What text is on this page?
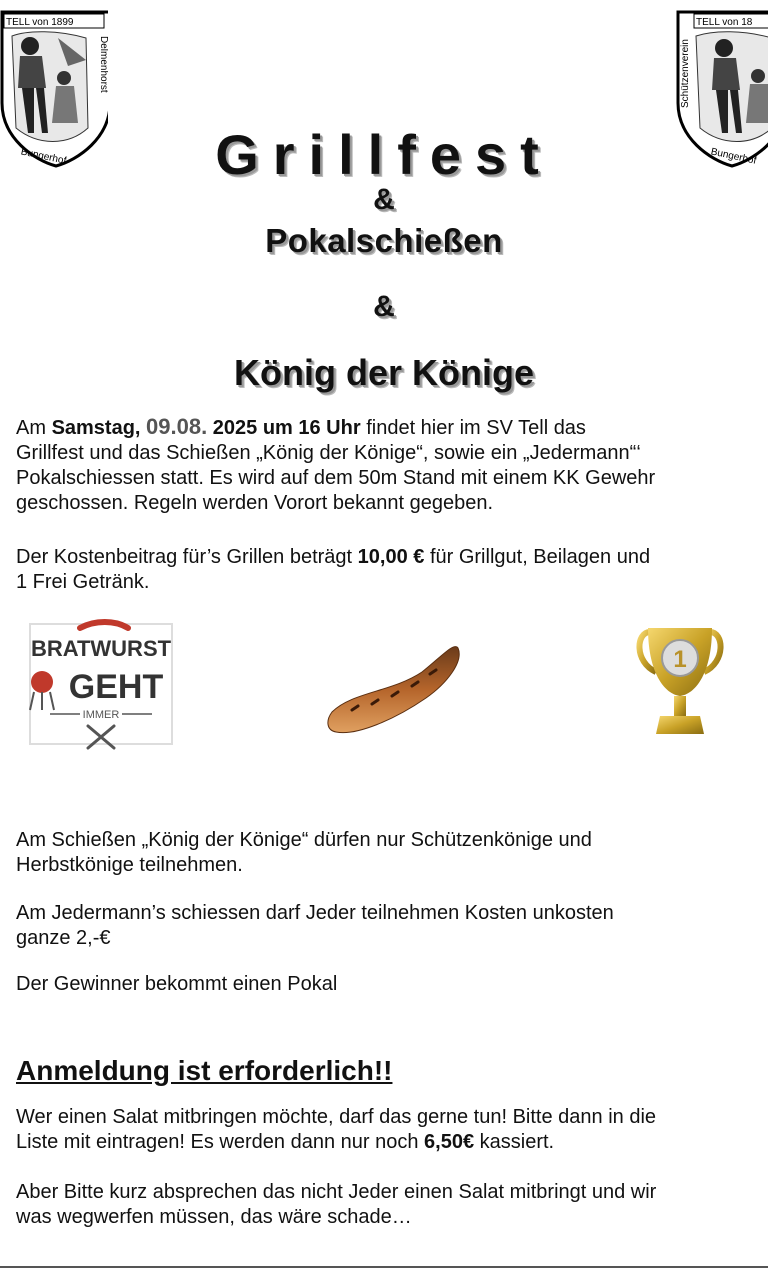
TELL von 1899
Delmenhorst
Bungerhof
TELL von 18
Schützenverein
Bungerhof
Grillfest
&
Pokalschießen
&
König der Könige
Am Samstag, 09.08. 2025 um 16 Uhr findet hier im SV Tell das
Grillfest und das Schießen „König der Könige“, sowie ein „Jedermann“‘
Pokalschiessen statt. Es wird auf dem 50m Stand mit einem KK Gewehr
geschossen. Regeln werden Vorort bekannt gegeben.
Der Kostenbeitrag für’s Grillen beträgt 10,00 € für Grillgut, Beilagen und
1 Frei Getränk.
BRATWURST
GEHT
IMMER
1
Am Schießen „König der Könige“ dürfen nur Schützenkönige und
Herbstkönige teilnehmen.
Am Jedermann’s schiessen darf Jeder teilnehmen Kosten unkosten
ganze 2,-€
Der Gewinner bekommt einen Pokal
Anmeldung ist erforderlich!!
Wer einen Salat mitbringen möchte, darf das gerne tun! Bitte dann in die
Liste mit eintragen! Es werden dann nur noch 6,50€ kassiert.
Aber Bitte kurz absprechen das nicht Jeder einen Salat mitbringt und wir
was wegwerfen müssen, das wäre schade…
